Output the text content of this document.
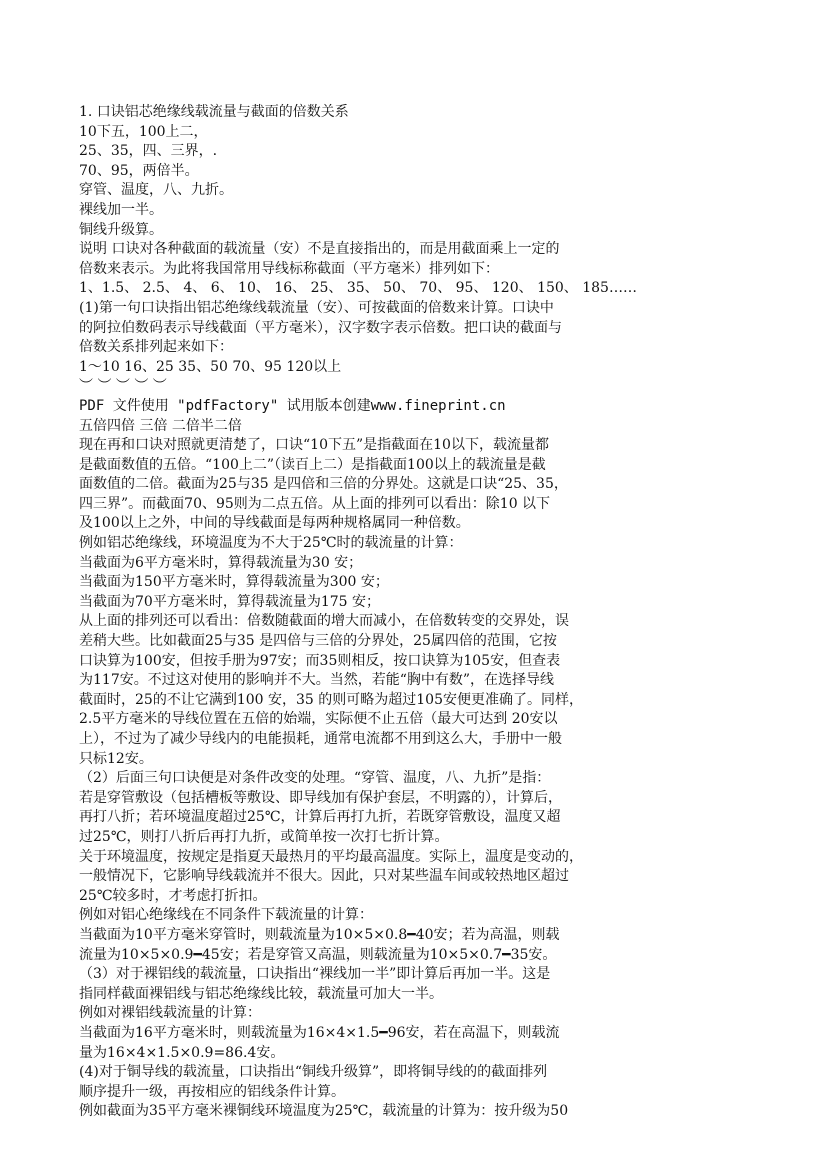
1. 口诀铝芯绝缘线载流量与截面的倍数关系
10下五，100上二，
25、35，四、三界，.
70、95，两倍半。
穿管、温度，八、九折。
裸线加一半。
铜线升级算。
说明 口诀对各种截面的载流量（安）不是直接指出的，而是用截面乘上一定的
倍数来表示。为此将我国常用导线标称截面（平方毫米）排列如下：
1、1.5、 2.5、 4、 6、 10、 16、 25、 35、 50、 70、 95、 120、 150、 185……
(1)第一句口诀指出铝芯绝缘线载流量（安）、可按截面的倍数来计算。口诀中
的阿拉伯数码表示导线截面（平方毫米），汉字数字表示倍数。把口诀的截面与
倍数关系排列起来如下：
1～10 16、25 35、50 70、95 120以上
︶ ︶ ︶ ︶ ︶
PDF 文件使用 "pdfFactory" 试用版本创建www.fineprint.cn
五倍四倍 三倍 二倍半二倍
现在再和口诀对照就更清楚了，口诀“10下五”是指截面在10以下，载流量都
是截面数值的五倍。“100上二”（读百上二）是指截面100以上的载流量是截
面数值的二倍。截面为25与35 是四倍和三倍的分界处。这就是口诀“25、35，
四三界”。而截面70、95则为二点五倍。从上面的排列可以看出：除10 以下
及100以上之外，中间的导线截面是每两种规格属同一种倍数。
例如铝芯绝缘线，环境温度为不大于25℃时的载流量的计算：
当截面为6平方毫米时，算得载流量为30 安；
当截面为150平方毫米时，算得载流量为300 安；
当截面为70平方毫米时，算得载流量为175 安；
从上面的排列还可以看出：倍数随截面的增大而减小，在倍数转变的交界处，误
差稍大些。比如截面25与35 是四倍与三倍的分界处，25属四倍的范围，它按
口诀算为100安，但按手册为97安；而35则相反，按口诀算为105安，但查表
为117安。不过这对使用的影响并不大。当然，若能“胸中有数”，在选择导线
截面时，25的不让它满到100 安，35 的则可略为超过105安便更准确了。同样，
2.5平方毫米的导线位置在五倍的始端，实际便不止五倍（最大可达到 20安以
上），不过为了减少导线内的电能损耗，通常电流都不用到这么大，手册中一般
只标12安。
（2）后面三句口诀便是对条件改变的处理。“穿管、温度，八、九折”是指：
若是穿管敷设（包括槽板等敷设、即导线加有保护套层，不明露的），计算后，
再打八折；若环境温度超过25℃，计算后再打九折，若既穿管敷设，温度又超
过25℃，则打八折后再打九折，或简单按一次打七折计算。
关于环境温度，按规定是指夏天最热月的平均最高温度。实际上，温度是变动的，
一般情况下，它影响导线载流并不很大。因此，只对某些温车间或较热地区超过
25℃较多时，才考虑打折扣。
例如对铝心绝缘线在不同条件下载流量的计算：
当截面为10平方毫米穿管时，则载流量为10×5×0.8━40安；若为高温，则载
流量为10×5×0.9━45安；若是穿管又高温，则载流量为10×5×0.7━35安。
（3）对于裸铝线的载流量，口诀指出“裸线加一半”即计算后再加一半。这是
指同样截面裸铝线与铝芯绝缘线比较，载流量可加大一半。
例如对裸铝线载流量的计算：
当截面为16平方毫米时，则载流量为16×4×1.5━96安，若在高温下，则载流
量为16×4×1.5×0.9=86.4安。
(4)对于铜导线的载流量，口诀指出“铜线升级算”，即将铜导线的的截面排列
顺序提升一级，再按相应的铝线条件计算。
例如截面为35平方毫米裸铜线环境温度为25℃，载流量的计算为：按升级为50
